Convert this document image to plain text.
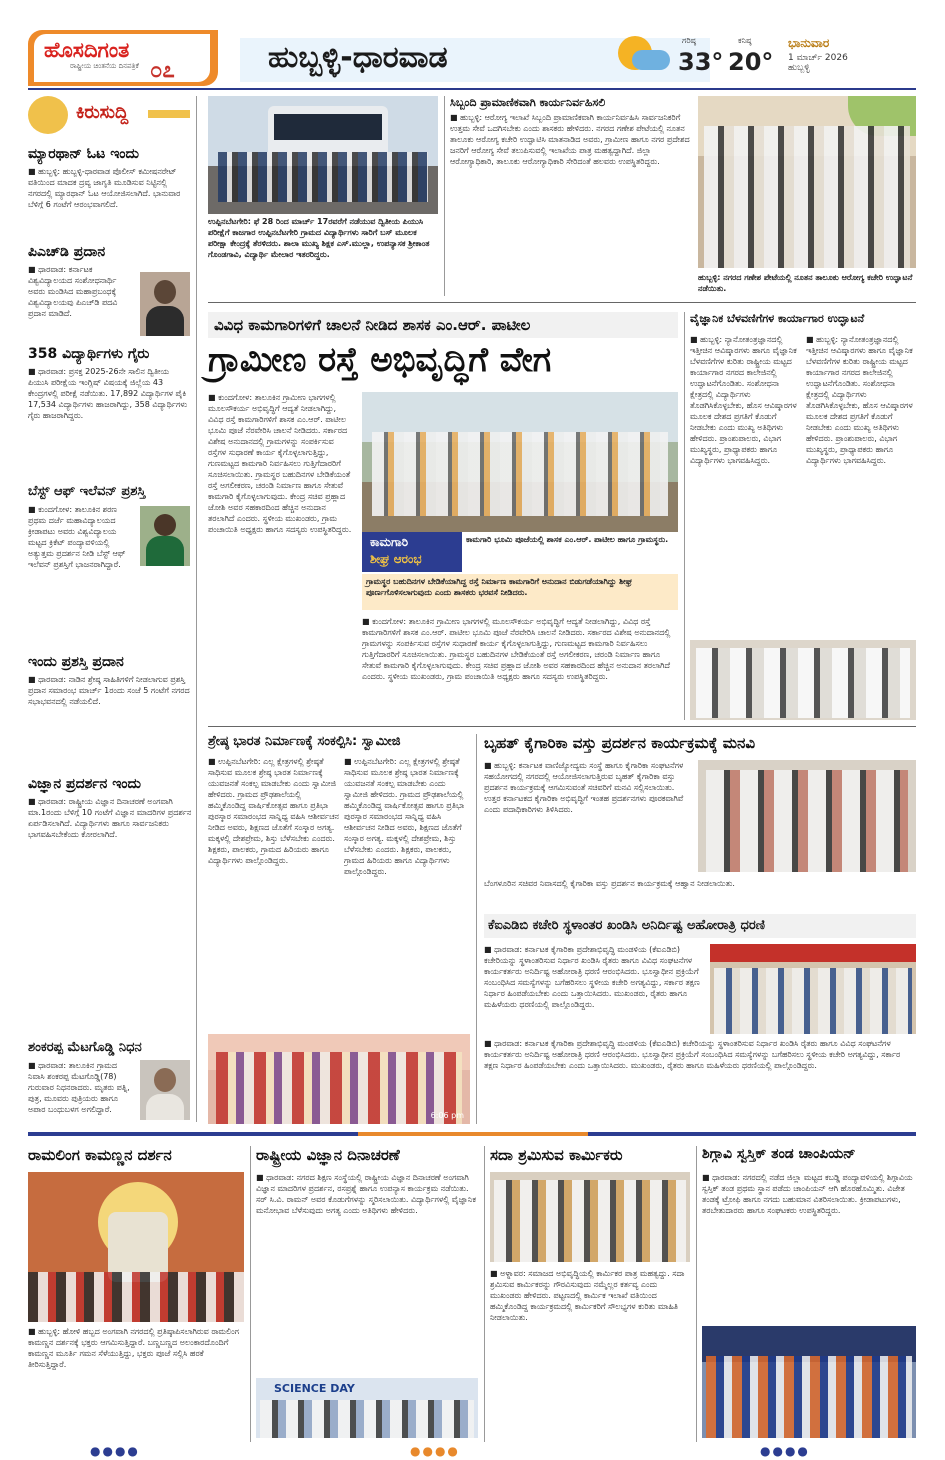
ಹೊಸದಿಗಂತ
ರಾಷ್ಟ್ರೀಯ ಚಿಂತನೆಯ ದಿನಪತ್ರಿಕೆ ೦೭	ಹುಬ್ಬಳ್ಳಿ-ಧಾರವಾಡ	ಗರಿಷ್ಠ
33°
ಕನಿಷ್ಠ
20°
ಭಾನುವಾರ
1 ಮಾರ್ಚ್ 2026
ಹುಬ್ಬಳ್ಳಿ
ಕಿರುಸುದ್ದಿ
ಮ್ಯಾರಥಾನ್ ಓಟ ಇಂದು
■ ಹುಬ್ಬಳ್ಳಿ: ಹುಬ್ಬಳ್ಳಿ-ಧಾರವಾಡ ಪೊಲೀಸ್ ಕಮೀಷನರೇಟ್ ವತಿಯಿಂದ ಮಾದಕ ದ್ರವ್ಯ ಜಾಗೃತಿ ಮೂಡಿಸುವ ನಿಟ್ಟಿನಲ್ಲಿ ನಗರದಲ್ಲಿ ಮ್ಯಾರಥಾನ್ ಓಟ ಆಯೋಜಿಸಲಾಗಿದೆ. ಭಾನುವಾರ ಬೆಳಿಗ್ಗೆ 6 ಗಂಟೆಗೆ ಆರಂಭವಾಗಲಿದೆ.
ಪಿಎಚ್‌ಡಿ ಪ್ರದಾನ
■ ಧಾರವಾಡ: ಕರ್ನಾಟಕ ವಿಶ್ವವಿದ್ಯಾಲಯದ ಸಂಶೋಧನಾರ್ಥಿ ಅವರು ಮಂಡಿಸಿದ ಮಹಾಪ್ರಬಂಧಕ್ಕೆ ವಿಶ್ವವಿದ್ಯಾಲಯವು ಪಿಎಚ್‌ಡಿ ಪದವಿ ಪ್ರದಾನ ಮಾಡಿದೆ.
358 ವಿದ್ಯಾರ್ಥಿಗಳು ಗೈರು
■ ಧಾರವಾಡ: ಪ್ರಸಕ್ತ 2025-26ನೇ ಸಾಲಿನ ದ್ವಿತೀಯ ಪಿಯುಸಿ ಪರೀಕ್ಷೆಯ ಇಂಗ್ಲಿಷ್ ವಿಷಯಕ್ಕೆ ಜಿಲ್ಲೆಯ 43 ಕೇಂದ್ರಗಳಲ್ಲಿ ಪರೀಕ್ಷೆ ನಡೆಯಿತು. 17,892 ವಿದ್ಯಾರ್ಥಿಗಳ ಪೈಕಿ 17,534 ವಿದ್ಯಾರ್ಥಿಗಳು ಹಾಜರಾಗಿದ್ದು, 358 ವಿದ್ಯಾರ್ಥಿಗಳು ಗೈರು ಹಾಜರಾಗಿದ್ದರು.
ಬೆಸ್ಟ್ ಆಫ್ ಇಲೆವನ್ ಪ್ರಶಸ್ತಿ
■ ಕುಂದಗೋಳ: ತಾಲೂಕಿನ ಶರಣ ಪ್ರಥಮ ದರ್ಜೆ ಮಹಾವಿದ್ಯಾಲಯದ ಕ್ರೀಡಾಪಟು ಅವರು ವಿಶ್ವವಿದ್ಯಾಲಯ ಮಟ್ಟದ ಕ್ರಿಕೆಟ್ ಪಂದ್ಯಾವಳಿಯಲ್ಲಿ ಅತ್ಯುತ್ತಮ ಪ್ರದರ್ಶನ ನೀಡಿ ಬೆಸ್ಟ್ ಆಫ್ ಇಲೆವನ್ ಪ್ರಶಸ್ತಿಗೆ ಭಾಜನರಾಗಿದ್ದಾರೆ.
ಇಂದು ಪ್ರಶಸ್ತಿ ಪ್ರದಾನ
■ ಧಾರವಾಡ: ನಾಡಿನ ಶ್ರೇಷ್ಠ ಸಾಹಿತಿಗಳಿಗೆ ನೀಡಲಾಗುವ ಪ್ರಶಸ್ತಿ ಪ್ರದಾನ ಸಮಾರಂಭ ಮಾರ್ಚ್ 1ರಂದು ಸಂಜೆ 5 ಗಂಟೆಗೆ ನಗರದ ಸಭಾಭವನದಲ್ಲಿ ನಡೆಯಲಿದೆ.
ವಿಜ್ಞಾನ ಪ್ರದರ್ಶನ ಇಂದು
■ ಧಾರವಾಡ: ರಾಷ್ಟ್ರೀಯ ವಿಜ್ಞಾನ ದಿನಾಚರಣೆ ಅಂಗವಾಗಿ ಮಾ.1ರಂದು ಬೆಳಿಗ್ಗೆ 10 ಗಂಟೆಗೆ ವಿಜ್ಞಾನ ಮಾದರಿಗಳ ಪ್ರದರ್ಶನ ಏರ್ಪಡಿಸಲಾಗಿದೆ. ವಿದ್ಯಾರ್ಥಿಗಳು ಹಾಗೂ ಸಾರ್ವಜನಿಕರು ಭಾಗವಹಿಸಬೇಕೆಂದು ಕೋರಲಾಗಿದೆ.
ಶಂಕರಪ್ಪ ಮೆಟಗೊಡ್ಡಿ ನಿಧನ
■ ಧಾರವಾಡ: ತಾಲೂಕಿನ ಗ್ರಾಮದ ನಿವಾಸಿ ಶಂಕರಪ್ಪ ಮೆಟಗೊಡ್ಡಿ(78) ಗುರುವಾರ ನಿಧನರಾದರು. ಮೃತರು ಪತ್ನಿ, ಪುತ್ರ, ಮೂವರು ಪುತ್ರಿಯರು ಹಾಗೂ ಅಪಾರ ಬಂಧುಬಳಗ ಅಗಲಿದ್ದಾರೆ.
ಉಪ್ಪಿನಬೆಟಗೇರಿ: ಫೆ 28 ರಿಂದ ಮಾರ್ಚ್ 17ರವರೆಗೆ ನಡೆಯುವ ದ್ವಿತೀಯ ಪಿಯುಸಿ ಪರೀಕ್ಷೆಗೆ ಕಾಜಗಾರ ಉಪ್ಪಿನಬೆಟಗೇರಿ ಗ್ರಾಮದ ವಿದ್ಯಾರ್ಥಿಗಳು ಸಾರಿಗೆ ಬಸ್ ಮೂಲಕ ಪರೀಕ್ಷಾ ಕೇಂದ್ರಕ್ಕೆ ತೆರಳಿದರು. ಶಾಲಾ ಮುಖ್ಯ ಶಿಕ್ಷಕ ಎಸ್.ಮುಲ್ಲಾ, ಉಪನ್ಯಾಸಕ ಶ್ರೀಕಾಂತ ಗೊಂಡಗಾವಿ, ವಿದ್ಯಾರ್ಥಿ ಮೇಲಾರ ಇತರರಿದ್ದರು.
ಸಿಬ್ಬಂದಿ ಪ್ರಾಮಾಣಿಕವಾಗಿ ಕಾರ್ಯನಿರ್ವಹಿಸಲಿ
■ ಹುಬ್ಬಳ್ಳಿ: ಆರೋಗ್ಯ ಇಲಾಖೆ ಸಿಬ್ಬಂದಿ ಪ್ರಾಮಾಣಿಕವಾಗಿ ಕಾರ್ಯನಿರ್ವಹಿಸಿ ಸಾರ್ವಜನಿಕರಿಗೆ ಉತ್ತಮ ಸೇವೆ ಒದಗಿಸಬೇಕು ಎಂದು ಶಾಸಕರು ಹೇಳಿದರು. ನಗರದ ಗಣೇಶ ಪೇಟೆಯಲ್ಲಿ ನೂತನ ತಾಲೂಕು ಆರೋಗ್ಯ ಕಚೇರಿ ಉದ್ಘಾಟಿಸಿ ಮಾತನಾಡಿದ ಅವರು, ಗ್ರಾಮೀಣ ಹಾಗೂ ನಗರ ಪ್ರದೇಶದ ಜನರಿಗೆ ಆರೋಗ್ಯ ಸೇವೆ ತಲುಪಿಸುವಲ್ಲಿ ಇಲಾಖೆಯ ಪಾತ್ರ ಮಹತ್ವದ್ದಾಗಿದೆ. ಜಿಲ್ಲಾ ಆರೋಗ್ಯಾಧಿಕಾರಿ, ತಾಲೂಕು ಆರೋಗ್ಯಾಧಿಕಾರಿ ಸೇರಿದಂತೆ ಹಲವರು ಉಪಸ್ಥಿತರಿದ್ದರು.
ಹುಬ್ಬಳ್ಳಿ: ನಗರದ ಗಣೇಶ ಪೇಟೆಯಲ್ಲಿ ನೂತನ ತಾಲೂಕು ಆರೋಗ್ಯ ಕಚೇರಿ ಉದ್ಘಾಟನೆ ನಡೆಯಿತು.
ವಿವಿಧ ಕಾಮಗಾರಿಗಳಿಗೆ ಚಾಲನೆ ನೀಡಿದ ಶಾಸಕ ಎಂ.ಆರ್. ಪಾಟೀಲ
ಗ್ರಾಮೀಣ ರಸ್ತೆ ಅಭಿವೃದ್ಧಿಗೆ ವೇಗ
■ ಕುಂದಗೋಳ: ತಾಲೂಕಿನ ಗ್ರಾಮೀಣ ಭಾಗಗಳಲ್ಲಿ ಮೂಲಸೌಕರ್ಯ ಅಭಿವೃದ್ಧಿಗೆ ಆದ್ಯತೆ ನೀಡಲಾಗಿದ್ದು, ವಿವಿಧ ರಸ್ತೆ ಕಾಮಗಾರಿಗಳಿಗೆ ಶಾಸಕ ಎಂ.ಆರ್. ಪಾಟೀಲ ಭೂಮಿ ಪೂಜೆ ನೆರವೇರಿಸಿ ಚಾಲನೆ ನೀಡಿದರು. ಸರ್ಕಾರದ ವಿಶೇಷ ಅನುದಾನದಲ್ಲಿ ಗ್ರಾಮಗಳನ್ನು ಸಂಪರ್ಕಿಸುವ ರಸ್ತೆಗಳ ಸುಧಾರಣೆ ಕಾರ್ಯ ಕೈಗೊಳ್ಳಲಾಗುತ್ತಿದ್ದು, ಗುಣಮಟ್ಟದ ಕಾಮಗಾರಿ ನಿರ್ವಹಿಸಲು ಗುತ್ತಿಗೆದಾರರಿಗೆ ಸೂಚಿಸಲಾಯಿತು. ಗ್ರಾಮಸ್ಥರ ಬಹುದಿನಗಳ ಬೇಡಿಕೆಯಂತೆ ರಸ್ತೆ ಅಗಲೀಕರಣ, ಚರಂಡಿ ನಿರ್ಮಾಣ ಹಾಗೂ ಸೇತುವೆ ಕಾಮಗಾರಿ ಕೈಗೊಳ್ಳಲಾಗುವುದು. ಕೇಂದ್ರ ಸಚಿವ ಪ್ರಹ್ಲಾದ ಜೋಶಿ ಅವರ ಸಹಕಾರದಿಂದ ಹೆಚ್ಚಿನ ಅನುದಾನ ತರಲಾಗಿದೆ ಎಂದರು. ಸ್ಥಳೀಯ ಮುಖಂಡರು, ಗ್ರಾಮ ಪಂಚಾಯಿತಿ ಅಧ್ಯಕ್ಷರು ಹಾಗೂ ಸದಸ್ಯರು ಉಪಸ್ಥಿತರಿದ್ದರು.
ಕಾಮಗಾರಿ
ಶೀಘ್ರ ಆರಂಭ
ಕಾಮಗಾರಿ ಭೂಮಿ ಪೂಜೆಯಲ್ಲಿ ಶಾಸಕ ಎಂ.ಆರ್. ಪಾಟೀಲ ಹಾಗೂ ಗ್ರಾಮಸ್ಥರು.
ಗ್ರಾಮಸ್ಥರ ಬಹುದಿನಗಳ ಬೇಡಿಕೆಯಾಗಿದ್ದ ರಸ್ತೆ ನಿರ್ಮಾಣ ಕಾಮಗಾರಿಗೆ ಅನುದಾನ ಬಿಡುಗಡೆಯಾಗಿದ್ದು ಶೀಘ್ರ ಪೂರ್ಣಗೊಳಿಸಲಾಗುವುದು ಎಂದು ಶಾಸಕರು ಭರವಸೆ ನೀಡಿದರು.
■ ಕುಂದಗೋಳ: ತಾಲೂಕಿನ ಗ್ರಾಮೀಣ ಭಾಗಗಳಲ್ಲಿ ಮೂಲಸೌಕರ್ಯ ಅಭಿವೃದ್ಧಿಗೆ ಆದ್ಯತೆ ನೀಡಲಾಗಿದ್ದು, ವಿವಿಧ ರಸ್ತೆ ಕಾಮಗಾರಿಗಳಿಗೆ ಶಾಸಕ ಎಂ.ಆರ್. ಪಾಟೀಲ ಭೂಮಿ ಪೂಜೆ ನೆರವೇರಿಸಿ ಚಾಲನೆ ನೀಡಿದರು. ಸರ್ಕಾರದ ವಿಶೇಷ ಅನುದಾನದಲ್ಲಿ ಗ್ರಾಮಗಳನ್ನು ಸಂಪರ್ಕಿಸುವ ರಸ್ತೆಗಳ ಸುಧಾರಣೆ ಕಾರ್ಯ ಕೈಗೊಳ್ಳಲಾಗುತ್ತಿದ್ದು, ಗುಣಮಟ್ಟದ ಕಾಮಗಾರಿ ನಿರ್ವಹಿಸಲು ಗುತ್ತಿಗೆದಾರರಿಗೆ ಸೂಚಿಸಲಾಯಿತು. ಗ್ರಾಮಸ್ಥರ ಬಹುದಿನಗಳ ಬೇಡಿಕೆಯಂತೆ ರಸ್ತೆ ಅಗಲೀಕರಣ, ಚರಂಡಿ ನಿರ್ಮಾಣ ಹಾಗೂ ಸೇತುವೆ ಕಾಮಗಾರಿ ಕೈಗೊಳ್ಳಲಾಗುವುದು. ಕೇಂದ್ರ ಸಚಿವ ಪ್ರಹ್ಲಾದ ಜೋಶಿ ಅವರ ಸಹಕಾರದಿಂದ ಹೆಚ್ಚಿನ ಅನುದಾನ ತರಲಾಗಿದೆ ಎಂದರು. ಸ್ಥಳೀಯ ಮುಖಂಡರು, ಗ್ರಾಮ ಪಂಚಾಯಿತಿ ಅಧ್ಯಕ್ಷರು ಹಾಗೂ ಸದಸ್ಯರು ಉಪಸ್ಥಿತರಿದ್ದರು.
ವೈಜ್ಞಾನಿಕ ಬೆಳವಣಿಗೆಗಳ ಕಾರ್ಯಾಗಾರ ಉದ್ಘಾಟನೆ
■ ಹುಬ್ಬಳ್ಳಿ: ನ್ಯಾನೋತಂತ್ರಜ್ಞಾನದಲ್ಲಿ ಇತ್ತೀಚಿನ ಆವಿಷ್ಕಾರಗಳು ಹಾಗೂ ವೈಜ್ಞಾನಿಕ ಬೆಳವಣಿಗೆಗಳ ಕುರಿತು ರಾಷ್ಟ್ರೀಯ ಮಟ್ಟದ ಕಾರ್ಯಾಗಾರ ನಗರದ ಕಾಲೇಜಿನಲ್ಲಿ ಉದ್ಘಾಟನೆಗೊಂಡಿತು. ಸಂಶೋಧನಾ ಕ್ಷೇತ್ರದಲ್ಲಿ ವಿದ್ಯಾರ್ಥಿಗಳು ತೊಡಗಿಸಿಕೊಳ್ಳಬೇಕು, ಹೊಸ ಆವಿಷ್ಕಾರಗಳ ಮೂಲಕ ದೇಶದ ಪ್ರಗತಿಗೆ ಕೊಡುಗೆ ನೀಡಬೇಕು ಎಂದು ಮುಖ್ಯ ಅತಿಥಿಗಳು ಹೇಳಿದರು. ಪ್ರಾಂಶುಪಾಲರು, ವಿಭಾಗ ಮುಖ್ಯಸ್ಥರು, ಪ್ರಾಧ್ಯಾಪಕರು ಹಾಗೂ ವಿದ್ಯಾರ್ಥಿಗಳು ಭಾಗವಹಿಸಿದ್ದರು.
■ ಹುಬ್ಬಳ್ಳಿ: ನ್ಯಾನೋತಂತ್ರಜ್ಞಾನದಲ್ಲಿ ಇತ್ತೀಚಿನ ಆವಿಷ್ಕಾರಗಳು ಹಾಗೂ ವೈಜ್ಞಾನಿಕ ಬೆಳವಣಿಗೆಗಳ ಕುರಿತು ರಾಷ್ಟ್ರೀಯ ಮಟ್ಟದ ಕಾರ್ಯಾಗಾರ ನಗರದ ಕಾಲೇಜಿನಲ್ಲಿ ಉದ್ಘಾಟನೆಗೊಂಡಿತು. ಸಂಶೋಧನಾ ಕ್ಷೇತ್ರದಲ್ಲಿ ವಿದ್ಯಾರ್ಥಿಗಳು ತೊಡಗಿಸಿಕೊಳ್ಳಬೇಕು, ಹೊಸ ಆವಿಷ್ಕಾರಗಳ ಮೂಲಕ ದೇಶದ ಪ್ರಗತಿಗೆ ಕೊಡುಗೆ ನೀಡಬೇಕು ಎಂದು ಮುಖ್ಯ ಅತಿಥಿಗಳು ಹೇಳಿದರು. ಪ್ರಾಂಶುಪಾಲರು, ವಿಭಾಗ ಮುಖ್ಯಸ್ಥರು, ಪ್ರಾಧ್ಯಾಪಕರು ಹಾಗೂ ವಿದ್ಯಾರ್ಥಿಗಳು ಭಾಗವಹಿಸಿದ್ದರು.
ಶ್ರೇಷ್ಠ ಭಾರತ ನಿರ್ಮಾಣಕ್ಕೆ ಸಂಕಲ್ಪಿಸಿ: ಸ್ವಾಮೀಜಿ
■ ಉಪ್ಪಿನಬೆಟಗೇರಿ: ಎಲ್ಲ ಕ್ಷೇತ್ರಗಳಲ್ಲಿ ಶ್ರೇಷ್ಠತೆ ಸಾಧಿಸುವ ಮೂಲಕ ಶ್ರೇಷ್ಠ ಭಾರತ ನಿರ್ಮಾಣಕ್ಕೆ ಯುವಜನತೆ ಸಂಕಲ್ಪ ಮಾಡಬೇಕು ಎಂದು ಸ್ವಾಮೀಜಿ ಹೇಳಿದರು. ಗ್ರಾಮದ ಪ್ರೌಢಶಾಲೆಯಲ್ಲಿ ಹಮ್ಮಿಕೊಂಡಿದ್ದ ವಾರ್ಷಿಕೋತ್ಸವ ಹಾಗೂ ಪ್ರತಿಭಾ ಪುರಸ್ಕಾರ ಸಮಾರಂಭದ ಸಾನ್ನಿಧ್ಯ ವಹಿಸಿ ಆಶೀರ್ವಚನ ನೀಡಿದ ಅವರು, ಶಿಕ್ಷಣದ ಜೊತೆಗೆ ಸಂಸ್ಕಾರ ಅಗತ್ಯ. ಮಕ್ಕಳಲ್ಲಿ ದೇಶಪ್ರೇಮ, ಶಿಸ್ತು ಬೆಳೆಸಬೇಕು ಎಂದರು. ಶಿಕ್ಷಕರು, ಪಾಲಕರು, ಗ್ರಾಮದ ಹಿರಿಯರು ಹಾಗೂ ವಿದ್ಯಾರ್ಥಿಗಳು ಪಾಲ್ಗೊಂಡಿದ್ದರು.
■ ಉಪ್ಪಿನಬೆಟಗೇರಿ: ಎಲ್ಲ ಕ್ಷೇತ್ರಗಳಲ್ಲಿ ಶ್ರೇಷ್ಠತೆ ಸಾಧಿಸುವ ಮೂಲಕ ಶ್ರೇಷ್ಠ ಭಾರತ ನಿರ್ಮಾಣಕ್ಕೆ ಯುವಜನತೆ ಸಂಕಲ್ಪ ಮಾಡಬೇಕು ಎಂದು ಸ್ವಾಮೀಜಿ ಹೇಳಿದರು. ಗ್ರಾಮದ ಪ್ರೌಢಶಾಲೆಯಲ್ಲಿ ಹಮ್ಮಿಕೊಂಡಿದ್ದ ವಾರ್ಷಿಕೋತ್ಸವ ಹಾಗೂ ಪ್ರತಿಭಾ ಪುರಸ್ಕಾರ ಸಮಾರಂಭದ ಸಾನ್ನಿಧ್ಯ ವಹಿಸಿ ಆಶೀರ್ವಚನ ನೀಡಿದ ಅವರು, ಶಿಕ್ಷಣದ ಜೊತೆಗೆ ಸಂಸ್ಕಾರ ಅಗತ್ಯ. ಮಕ್ಕಳಲ್ಲಿ ದೇಶಪ್ರೇಮ, ಶಿಸ್ತು ಬೆಳೆಸಬೇಕು ಎಂದರು. ಶಿಕ್ಷಕರು, ಪಾಲಕರು, ಗ್ರಾಮದ ಹಿರಿಯರು ಹಾಗೂ ವಿದ್ಯಾರ್ಥಿಗಳು ಪಾಲ್ಗೊಂಡಿದ್ದರು.
6:06 pm
ಬೃಹತ್ ಕೈಗಾರಿಕಾ ವಸ್ತು ಪ್ರದರ್ಶನ ಕಾರ್ಯಕ್ರಮಕ್ಕೆ ಮನವಿ
■ ಹುಬ್ಬಳ್ಳಿ: ಕರ್ನಾಟಕ ವಾಣಿಜ್ಯೋದ್ಯಮ ಸಂಸ್ಥೆ ಹಾಗೂ ಕೈಗಾರಿಕಾ ಸಂಘಟನೆಗಳ ಸಹಯೋಗದಲ್ಲಿ ನಗರದಲ್ಲಿ ಆಯೋಜಿಸಲಾಗುತ್ತಿರುವ ಬೃಹತ್ ಕೈಗಾರಿಕಾ ವಸ್ತು ಪ್ರದರ್ಶನ ಕಾರ್ಯಕ್ರಮಕ್ಕೆ ಆಗಮಿಸುವಂತೆ ಸಚಿವರಿಗೆ ಮನವಿ ಸಲ್ಲಿಸಲಾಯಿತು. ಉತ್ತರ ಕರ್ನಾಟಕದ ಕೈಗಾರಿಕಾ ಅಭಿವೃದ್ಧಿಗೆ ಇಂತಹ ಪ್ರದರ್ಶನಗಳು ಪೂರಕವಾಗಿವೆ ಎಂದು ಪದಾಧಿಕಾರಿಗಳು ತಿಳಿಸಿದರು.
ಬೆಂಗಳೂರಿನ ಸಚಿವರ ನಿವಾಸದಲ್ಲಿ ಕೈಗಾರಿಕಾ ವಸ್ತು ಪ್ರದರ್ಶನ ಕಾರ್ಯಕ್ರಮಕ್ಕೆ ಆಹ್ವಾನ ನೀಡಲಾಯಿತು.
ಕೆಐಎಡಿಬಿ ಕಚೇರಿ ಸ್ಥಳಾಂತರ ಖಂಡಿಸಿ ಅನಿರ್ದಿಷ್ಟ ಅಹೋರಾತ್ರಿ ಧರಣಿ
■ ಧಾರವಾಡ: ಕರ್ನಾಟಕ ಕೈಗಾರಿಕಾ ಪ್ರದೇಶಾಭಿವೃದ್ಧಿ ಮಂಡಳಿಯ (ಕೆಐಎಡಿಬಿ) ಕಚೇರಿಯನ್ನು ಸ್ಥಳಾಂತರಿಸುವ ನಿರ್ಧಾರ ಖಂಡಿಸಿ ರೈತರು ಹಾಗೂ ವಿವಿಧ ಸಂಘಟನೆಗಳ ಕಾರ್ಯಕರ್ತರು ಅನಿರ್ದಿಷ್ಟ ಅಹೋರಾತ್ರಿ ಧರಣಿ ಆರಂಭಿಸಿದರು. ಭೂಸ್ವಾಧೀನ ಪ್ರಕ್ರಿಯೆಗೆ ಸಂಬಂಧಿಸಿದ ಸಮಸ್ಯೆಗಳನ್ನು ಬಗೆಹರಿಸಲು ಸ್ಥಳೀಯ ಕಚೇರಿ ಅಗತ್ಯವಿದ್ದು, ಸರ್ಕಾರ ತಕ್ಷಣ ನಿರ್ಧಾರ ಹಿಂಪಡೆಯಬೇಕು ಎಂದು ಒತ್ತಾಯಿಸಿದರು. ಮುಖಂಡರು, ರೈತರು ಹಾಗೂ ಮಹಿಳೆಯರು ಧರಣಿಯಲ್ಲಿ ಪಾಲ್ಗೊಂಡಿದ್ದರು.
■ ಧಾರವಾಡ: ಕರ್ನಾಟಕ ಕೈಗಾರಿಕಾ ಪ್ರದೇಶಾಭಿವೃದ್ಧಿ ಮಂಡಳಿಯ (ಕೆಐಎಡಿಬಿ) ಕಚೇರಿಯನ್ನು ಸ್ಥಳಾಂತರಿಸುವ ನಿರ್ಧಾರ ಖಂಡಿಸಿ ರೈತರು ಹಾಗೂ ವಿವಿಧ ಸಂಘಟನೆಗಳ ಕಾರ್ಯಕರ್ತರು ಅನಿರ್ದಿಷ್ಟ ಅಹೋರಾತ್ರಿ ಧರಣಿ ಆರಂಭಿಸಿದರು. ಭೂಸ್ವಾಧೀನ ಪ್ರಕ್ರಿಯೆಗೆ ಸಂಬಂಧಿಸಿದ ಸಮಸ್ಯೆಗಳನ್ನು ಬಗೆಹರಿಸಲು ಸ್ಥಳೀಯ ಕಚೇರಿ ಅಗತ್ಯವಿದ್ದು, ಸರ್ಕಾರ ತಕ್ಷಣ ನಿರ್ಧಾರ ಹಿಂಪಡೆಯಬೇಕು ಎಂದು ಒತ್ತಾಯಿಸಿದರು. ಮುಖಂಡರು, ರೈತರು ಹಾಗೂ ಮಹಿಳೆಯರು ಧರಣಿಯಲ್ಲಿ ಪಾಲ್ಗೊಂಡಿದ್ದರು.
ರಾಮಲಿಂಗ ಕಾಮಣ್ಣನ ದರ್ಶನ
■ ಹುಬ್ಬಳ್ಳಿ: ಹೋಳಿ ಹಬ್ಬದ ಅಂಗವಾಗಿ ನಗರದಲ್ಲಿ ಪ್ರತಿಷ್ಠಾಪಿಸಲಾಗಿರುವ ರಾಮಲಿಂಗ ಕಾಮಣ್ಣನ ದರ್ಶನಕ್ಕೆ ಭಕ್ತರು ಆಗಮಿಸುತ್ತಿದ್ದಾರೆ. ಬಣ್ಣಬಣ್ಣದ ಅಲಂಕಾರದೊಂದಿಗೆ ಕಾಮಣ್ಣನ ಮೂರ್ತಿ ಗಮನ ಸೆಳೆಯುತ್ತಿದ್ದು, ಭಕ್ತರು ಪೂಜೆ ಸಲ್ಲಿಸಿ ಹರಕೆ ತೀರಿಸುತ್ತಿದ್ದಾರೆ.
ರಾಷ್ಟ್ರೀಯ ವಿಜ್ಞಾನ ದಿನಾಚರಣೆ
■ ಧಾರವಾಡ: ನಗರದ ಶಿಕ್ಷಣ ಸಂಸ್ಥೆಯಲ್ಲಿ ರಾಷ್ಟ್ರೀಯ ವಿಜ್ಞಾನ ದಿನಾಚರಣೆ ಅಂಗವಾಗಿ ವಿಜ್ಞಾನ ಮಾದರಿಗಳ ಪ್ರದರ್ಶನ, ರಸಪ್ರಶ್ನೆ ಹಾಗೂ ಉಪನ್ಯಾಸ ಕಾರ್ಯಕ್ರಮ ನಡೆಯಿತು. ಸರ್ ಸಿ.ವಿ. ರಾಮನ್ ಅವರ ಕೊಡುಗೆಗಳನ್ನು ಸ್ಮರಿಸಲಾಯಿತು. ವಿದ್ಯಾರ್ಥಿಗಳಲ್ಲಿ ವೈಜ್ಞಾನಿಕ ಮನೋಭಾವ ಬೆಳೆಸುವುದು ಅಗತ್ಯ ಎಂದು ಅತಿಥಿಗಳು ಹೇಳಿದರು.
SCIENCE DAY
ಸದಾ ಶ್ರಮಿಸುವ ಕಾರ್ಮಿಕರು
■ ಅಳ್ನಾವರ: ಸಮಾಜದ ಅಭಿವೃದ್ಧಿಯಲ್ಲಿ ಕಾರ್ಮಿಕರ ಪಾತ್ರ ಮಹತ್ವದ್ದು. ಸದಾ ಶ್ರಮಿಸುವ ಕಾರ್ಮಿಕರನ್ನು ಗೌರವಿಸುವುದು ನಮ್ಮೆಲ್ಲರ ಕರ್ತವ್ಯ ಎಂದು ಮುಖಂಡರು ಹೇಳಿದರು. ಪಟ್ಟಣದಲ್ಲಿ ಕಾರ್ಮಿಕ ಇಲಾಖೆ ವತಿಯಿಂದ ಹಮ್ಮಿಕೊಂಡಿದ್ದ ಕಾರ್ಯಕ್ರಮದಲ್ಲಿ ಕಾರ್ಮಿಕರಿಗೆ ಸೌಲಭ್ಯಗಳ ಕುರಿತು ಮಾಹಿತಿ ನೀಡಲಾಯಿತು.
ಶಿಗ್ಗಾವಿ ಸ್ವಸ್ತಿಕ್ ತಂಡ ಚಾಂಪಿಯನ್
■ ಧಾರವಾಡ: ನಗರದಲ್ಲಿ ನಡೆದ ಜಿಲ್ಲಾ ಮಟ್ಟದ ಕಬಡ್ಡಿ ಪಂದ್ಯಾವಳಿಯಲ್ಲಿ ಶಿಗ್ಗಾವಿಯ ಸ್ವಸ್ತಿಕ್ ತಂಡ ಪ್ರಥಮ ಸ್ಥಾನ ಪಡೆದು ಚಾಂಪಿಯನ್ ಆಗಿ ಹೊರಹೊಮ್ಮಿತು. ವಿಜೇತ ತಂಡಕ್ಕೆ ಟ್ರೋಫಿ ಹಾಗೂ ನಗದು ಬಹುಮಾನ ವಿತರಿಸಲಾಯಿತು. ಕ್ರೀಡಾಪಟುಗಳು, ತರಬೇತುದಾರರು ಹಾಗೂ ಸಂಘಟಕರು ಉಪಸ್ಥಿತರಿದ್ದರು.
●●●●	●●●●	●●●●
